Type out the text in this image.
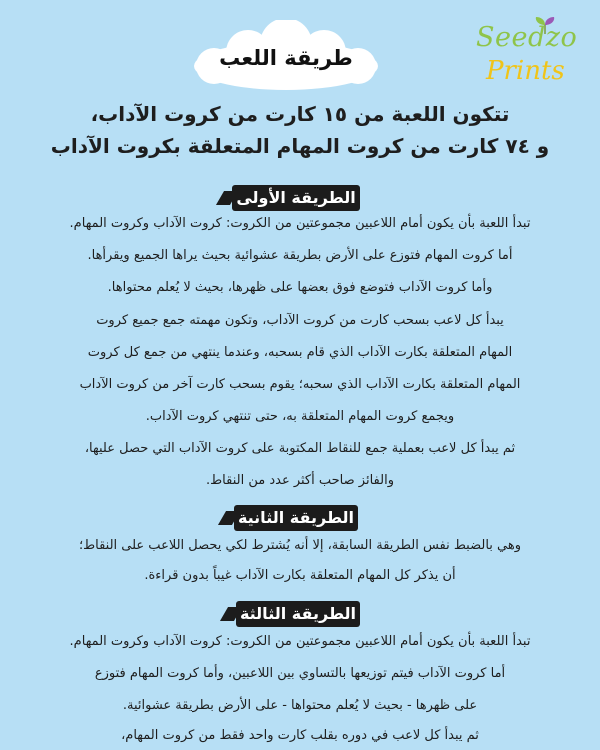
Seedzo
Prints
طريقة اللعب

تتكون اللعبة من ١٥ كارت من كروت الآداب،

و ٧٤ كارت من كروت المهام المتعلقة بكروت الآداب

الطريقة الأولى
تبدأ اللعبة بأن يكون أمام اللاعبين مجموعتين من الكروت: كروت الآداب وكروت المهام.
أما كروت المهام فتوزع على الأرض بطريقة عشوائية بحيث يراها الجميع ويقرأها.
وأما كروت الآداب فتوضع فوق بعضها على ظهرها، بحيث لا يُعلم محتواها.
يبدأ كل لاعب بسحب كارت من كروت الآداب، وتكون مهمته جمع جميع كروت
المهام المتعلقة بكارت الآداب الذي قام بسحبه، وعندما ينتهي من جمع كل كروت
المهام المتعلقة بكارت الآداب الذي سحبه؛ يقوم بسحب كارت آخر من كروت الآداب
ويجمع كروت المهام المتعلقة به، حتى تنتهي كروت الآداب.
ثم يبدأ كل لاعب بعملية جمع للنقاط المكتوبة على كروت الآداب التي حصل عليها،
والفائز صاحب أكثر عدد من النقاط.
الطريقة الثانية
وهي بالضبط نفس الطريقة السابقة، إلا أنه يُشترط لكي يحصل اللاعب على النقاط؛
أن يذكر كل المهام المتعلقة بكارت الآداب غيباً بدون قراءة.
الطريقة الثالثة
تبدأ اللعبة بأن يكون أمام اللاعبين مجموعتين من الكروت: كروت الآداب وكروت المهام.
أما كروت الآداب فيتم توزيعها بالتساوي بين اللاعبين، وأما كروت المهام فتوزع
على ظهرها - بحيث لا يُعلم محتواها - على الأرض بطريقة عشوائية.
ثم يبدأ كل لاعب في دوره بقلب كارت واحد فقط من كروت المهام،
